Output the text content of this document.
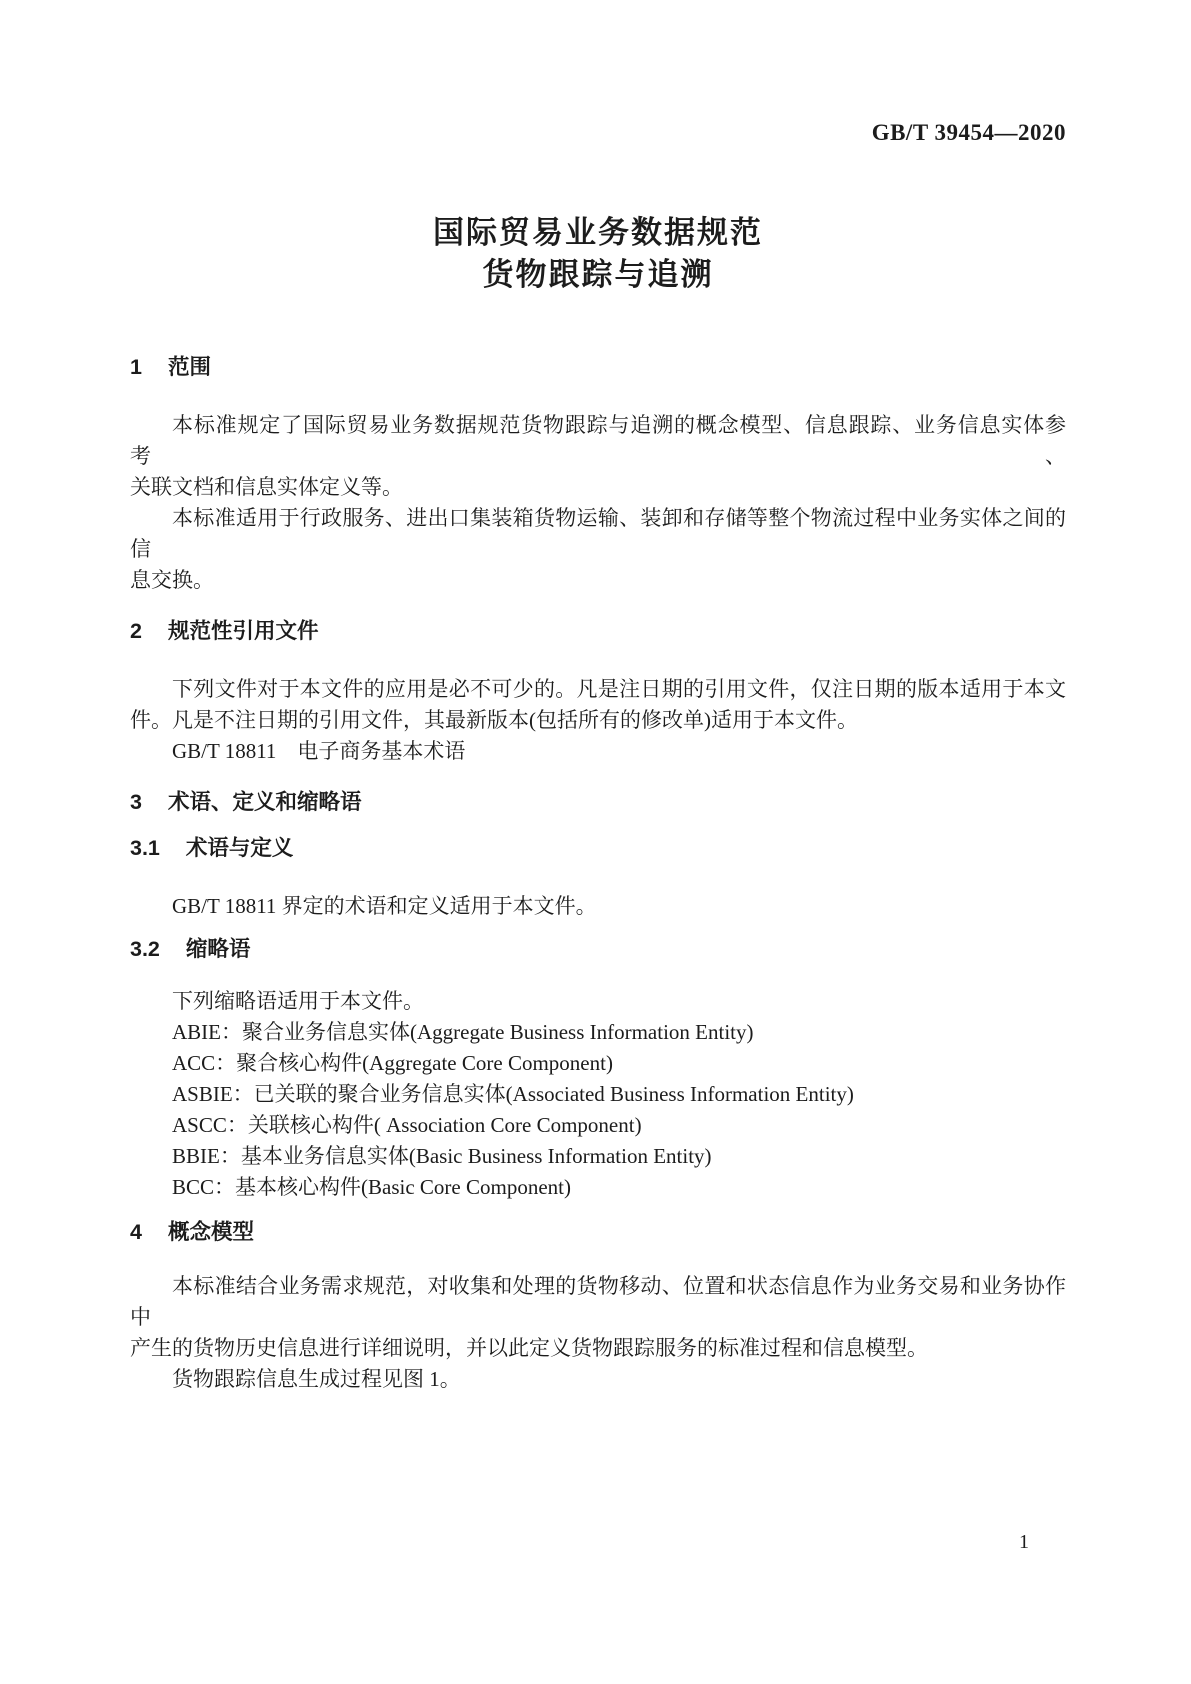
GB/T 39454—2020
国际贸易业务数据规范
货物跟踪与追溯
1 范围
本标准规定了国际贸易业务数据规范货物跟踪与追溯的概念模型、信息跟踪、业务信息实体参考、
关联文档和信息实体定义等。
本标准适用于行政服务、进出口集装箱货物运输、装卸和存储等整个物流过程中业务实体之间的信
息交换。
2 规范性引用文件
下列文件对于本文件的应用是必不可少的。凡是注日期的引用文件，仅注日期的版本适用于本文
件。凡是不注日期的引用文件，其最新版本(包括所有的修改单)适用于本文件。
GB/T 18811　电子商务基本术语
3 术语、定义和缩略语
3.1 术语与定义
GB/T 18811 界定的术语和定义适用于本文件。
3.2 缩略语
下列缩略语适用于本文件。
ABIE：聚合业务信息实体(Aggregate Business Information Entity)
ACC：聚合核心构件(Aggregate Core Component)
ASBIE：已关联的聚合业务信息实体(Associated Business Information Entity)
ASCC：关联核心构件( Association Core Component)
BBIE：基本业务信息实体(Basic Business Information Entity)
BCC：基本核心构件(Basic Core Component)
4 概念模型
本标准结合业务需求规范，对收集和处理的货物移动、位置和状态信息作为业务交易和业务协作中
产生的货物历史信息进行详细说明，并以此定义货物跟踪服务的标准过程和信息模型。
货物跟踪信息生成过程见图 1。
1
